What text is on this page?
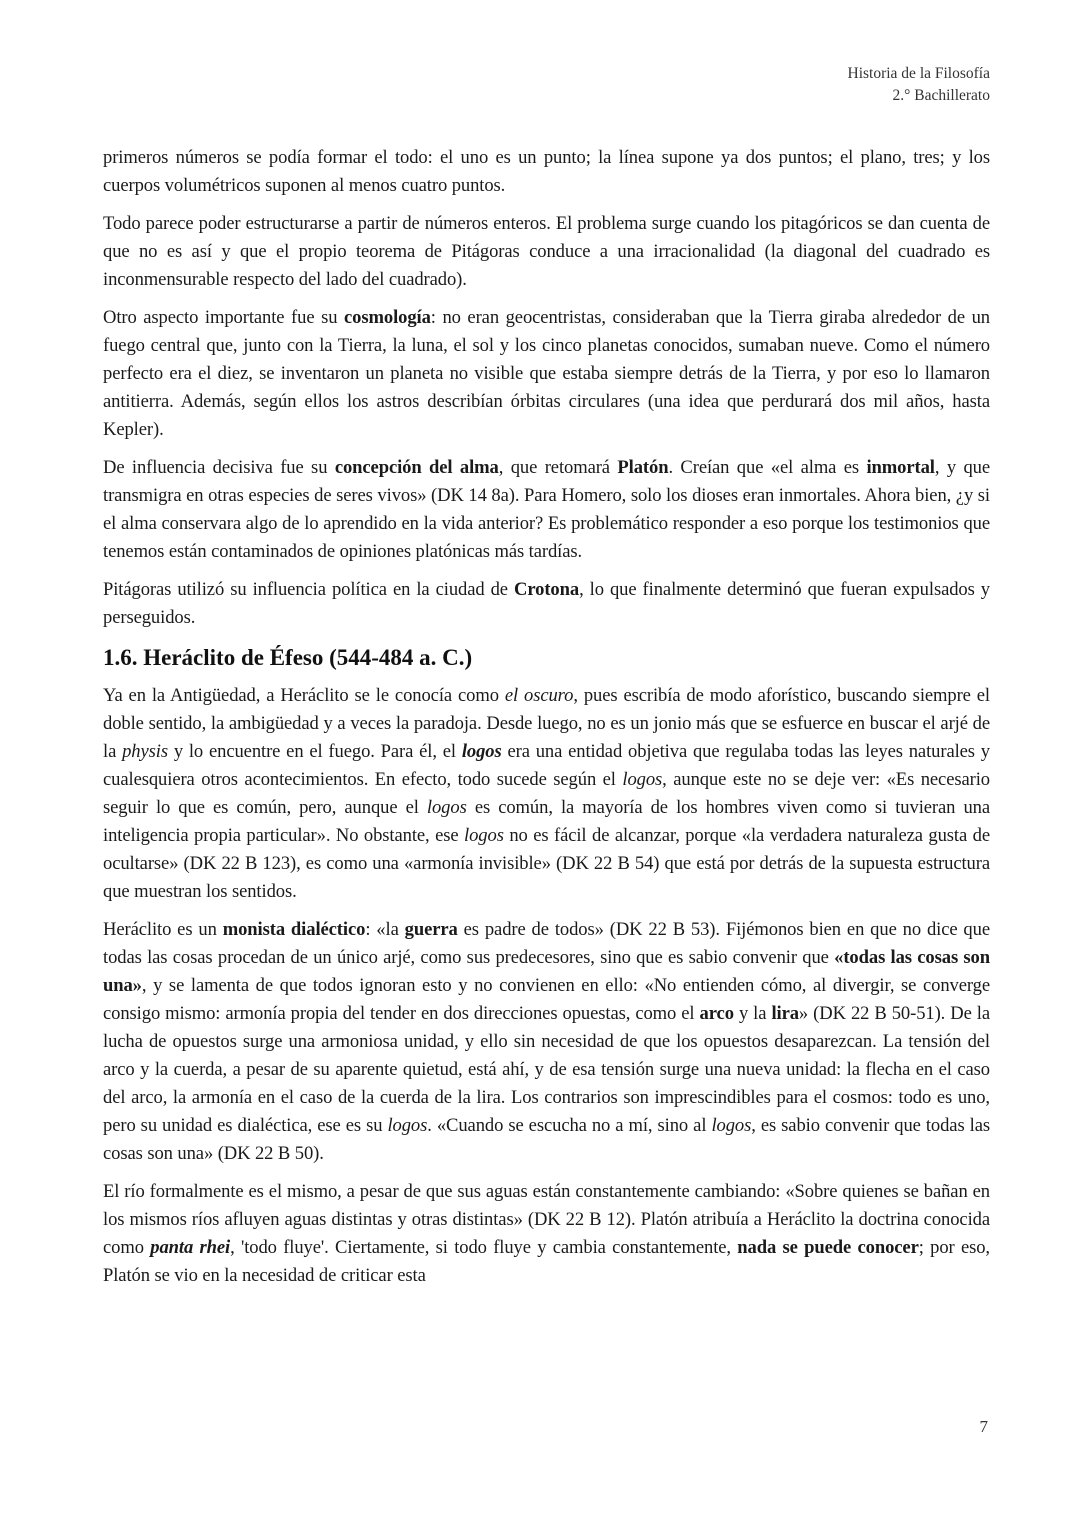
Historia de la Filosofía
2.° Bachillerato

primeros números se podía formar el todo: el uno es un punto; la línea supone ya dos puntos; el plano, tres; y los cuerpos volumétricos suponen al menos cuatro puntos.

Todo parece poder estructurarse a partir de números enteros. El problema surge cuando los pitagóricos se dan cuenta de que no es así y que el propio teorema de Pitágoras conduce a una irracionalidad (la diagonal del cuadrado es inconmensurable respecto del lado del cuadrado).

Otro aspecto importante fue su cosmología: no eran geocentristas, consideraban que la Tierra giraba alrededor de un fuego central que, junto con la Tierra, la luna, el sol y los cinco planetas conocidos, sumaban nueve. Como el número perfecto era el diez, se inventaron un planeta no visible que estaba siempre detrás de la Tierra, y por eso lo llamaron antitierra. Además, según ellos los astros describían órbitas circulares (una idea que perdurará dos mil años, hasta Kepler).

De influencia decisiva fue su concepción del alma, que retomará Platón. Creían que «el alma es inmortal, y que transmigra en otras especies de seres vivos» (DK 14 8a). Para Homero, solo los dioses eran inmortales. Ahora bien, ¿y si el alma conservara algo de lo aprendido en la vida anterior? Es problemático responder a eso porque los testimonios que tenemos están contaminados de opiniones platónicas más tardías.

Pitágoras utilizó su influencia política en la ciudad de Crotona, lo que finalmente determinó que fueran expulsados y perseguidos.

1.6. Heráclito de Éfeso (544-484 a. C.)

Ya en la Antigüedad, a Heráclito se le conocía como el oscuro, pues escribía de modo aforístico, buscando siempre el doble sentido, la ambigüedad y a veces la paradoja. Desde luego, no es un jonio más que se esfuerce en buscar el arjé de la physis y lo encuentre en el fuego. Para él, el logos era una entidad objetiva que regulaba todas las leyes naturales y cualesquiera otros acontecimientos. En efecto, todo sucede según el logos, aunque este no se deje ver: «Es necesario seguir lo que es común, pero, aunque el logos es común, la mayoría de los hombres viven como si tuvieran una inteligencia propia particular». No obstante, ese logos no es fácil de alcanzar, porque «la verdadera naturaleza gusta de ocultarse» (DK 22 B 123), es como una «armonía invisible» (DK 22 B 54) que está por detrás de la supuesta estructura que muestran los sentidos.

Heráclito es un monista dialéctico: «la guerra es padre de todos» (DK 22 B 53). Fijémonos bien en que no dice que todas las cosas procedan de un único arjé, como sus predecesores, sino que es sabio convenir que «todas las cosas son una», y se lamenta de que todos ignoran esto y no convienen en ello: «No entienden cómo, al divergir, se converge consigo mismo: armonía propia del tender en dos direcciones opuestas, como el arco y la lira» (DK 22 B 50-51). De la lucha de opuestos surge una armoniosa unidad, y ello sin necesidad de que los opuestos desaparezcan. La tensión del arco y la cuerda, a pesar de su aparente quietud, está ahí, y de esa tensión surge una nueva unidad: la flecha en el caso del arco, la armonía en el caso de la cuerda de la lira. Los contrarios son imprescindibles para el cosmos: todo es uno, pero su unidad es dialéctica, ese es su logos. «Cuando se escucha no a mí, sino al logos, es sabio convenir que todas las cosas son una» (DK 22 B 50).

El río formalmente es el mismo, a pesar de que sus aguas están constantemente cambiando: «Sobre quienes se bañan en los mismos ríos afluyen aguas distintas y otras distintas» (DK 22 B 12). Platón atribuía a Heráclito la doctrina conocida como panta rhei, 'todo fluye'. Ciertamente, si todo fluye y cambia constantemente, nada se puede conocer; por eso, Platón se vio en la necesidad de criticar esta

7
